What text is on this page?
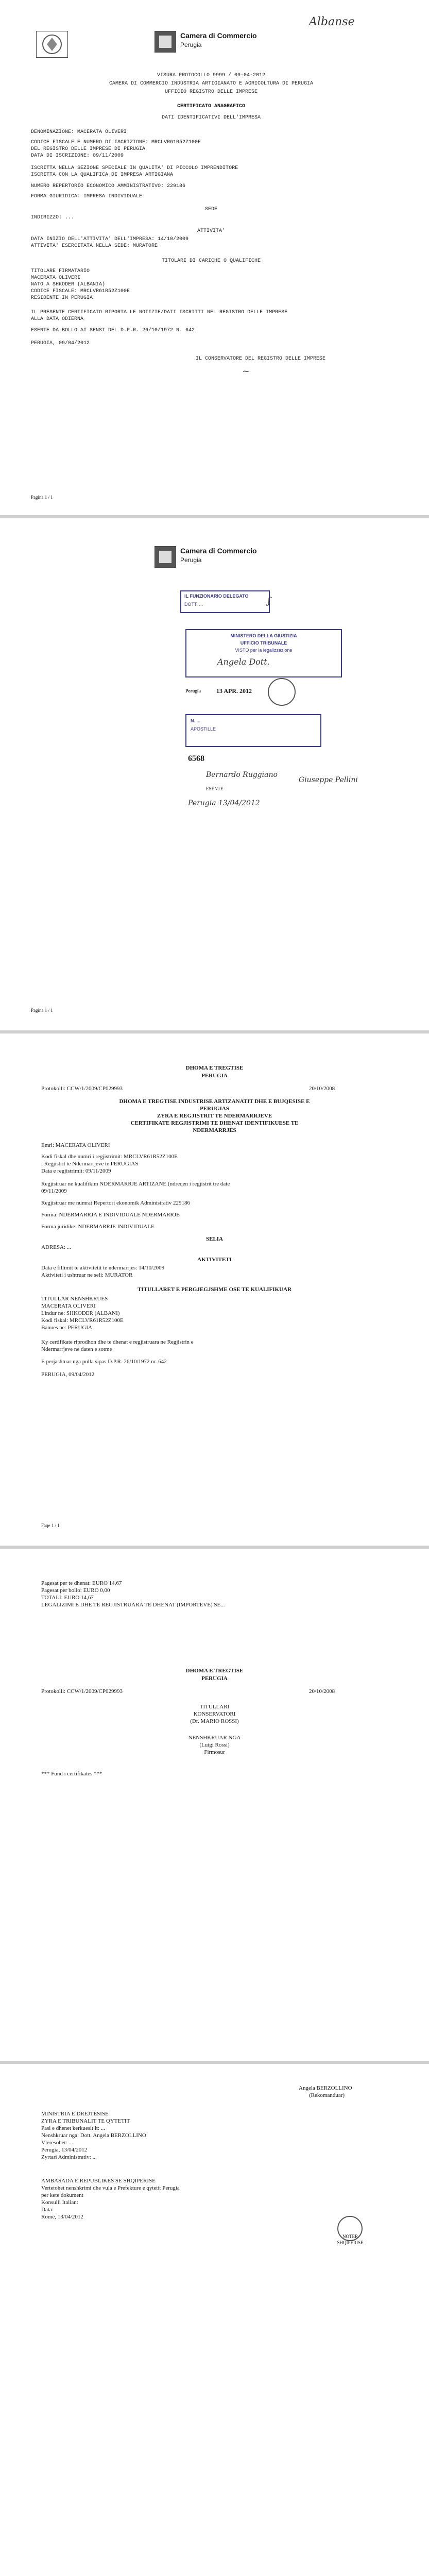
Albanse
Camera di Commercio
Perugia
VISURA PROTOCOLLO 9999 / 09-04-2012
CAMERA DI COMMERCIO INDUSTRIA ARTIGIANATO E AGRICOLTURA DI PERUGIA
UFFICIO REGISTRO DELLE IMPRESE
CERTIFICATO ANAGRAFICO
DATI IDENTIFICATIVI DELL'IMPRESA
DENOMINAZIONE: MACERATA OLIVERI
CODICE FISCALE E NUMERO DI ISCRIZIONE: MRCLVR61R52Z100E
DEL REGISTRO DELLE IMPRESE DI PERUGIA
DATA DI ISCRIZIONE: 09/11/2009
ISCRITTA NELLA SEZIONE SPECIALE IN QUALITA' DI PICCOLO IMPRENDITORE
ISCRITTA CON LA QUALIFICA DI IMPRESA ARTIGIANA
NUMERO REPERTORIO ECONOMICO AMMINISTRATIVO: 229186
FORMA GIURIDICA: IMPRESA INDIVIDUALE
SEDE
INDIRIZZO: ...
ATTIVITA'
DATA INIZIO DELL'ATTIVITA' DELL'IMPRESA: 14/10/2009
ATTIVITA' ESERCITATA NELLA SEDE: MURATORE
TITOLARI DI CARICHE O QUALIFICHE
TITOLARE FIRMATARIO
MACERATA OLIVERI
NATO A SHKODER (ALBANIA)
CODICE FISCALE: MRCLVR61R52Z100E
RESIDENTE IN PERUGIA
IL PRESENTE CERTIFICATO RIPORTA LE NOTIZIE/DATI ISCRITTI NEL REGISTRO DELLE IMPRESE
ALLA DATA ODIERNA
ESENTE DA BOLLO AI SENSI DEL D.P.R. 26/10/1972 N. 642
PERUGIA, 09/04/2012
IL CONSERVATORE DEL REGISTRO DELLE IMPRESE
~
Pagina 1 / 1
Camera di Commercio
Perugia
IL FUNZIONARIO DELEGATO
DOTT. ...	ʃ
MINISTERO DELLA GIUSTIZIA
UFFICIO TRIBUNALE
VISTO per la legalizzazione
Angela Dott.
Perugia	13 APR. 2012
N. ...
APOSTILLE
6568
Bernardo Ruggiano
ESENTE
Perugia 13/04/2012
Giuseppe Pellini
Pagina 1 / 1
DHOMA E TREGTISE
PERUGIA
Protokolli: CCW/1/2009/CP029993	20/10/2008
DHOMA E TREGTISE INDUSTRISE ARTIZANATIT DHE E BUJQESISE E
PERUGIAS
ZYRA E REGJISTRIT TE NDERMARRJEVE
CERTIFIKATE REGJISTRIMI TE DHENAT IDENTIFIKUESE TE
NDERMARRJES
Emri: MACERATA OLIVERI
Kodi fiskal dhe numri i regjistrimit: MRCLVR61R52Z100E
i Regjistrit te Ndermarrjeve te PERUGIAS
Data e regjistrimit: 09/11/2009
Regjistruar ne kualifikim NDERMARRJE ARTIZANE (ndreqen i regjistrit tre date
09/11/2009
Regjistruar me numrat Repertori ekonomik Administrativ 229186
Forma: NDERMARRJA E INDIVIDUALE NDERMARRJE
Forma juridike: NDERMARRJE INDIVIDUALE
SELIA
ADRESA: ...
AKTIVITETI
Data e fillimit te aktivitetit te ndermarrjes: 14/10/2009
Aktiviteti i ushtruar ne seli: MURATOR
TITULLARET E PERGJEGJSHME OSE TE KUALIFIKUAR
TITULLAR NENSHKRUES
MACERATA OLIVERI
Lindur ne: SHKODER (ALBANI)
Kodi fiskal: MRCLVR61R52Z100E
Banues ne: PERUGIA
Ky certifikate riprodhon dhe te dhenat e regjistruara ne Regjistrin e
Ndermarrjeve ne daten e sotme
E perjashtuar nga pulla sipas D.P.R. 26/10/1972 nr. 642
PERUGIA, 09/04/2012
Faqe 1 / 1
Pagesat per te dhenat: EURO 14,67
Pagesat per bollo: EURO 0,00
TOTALI: EURO 14,67
LEGALIZIMI E DHE TE REGJISTRUARA TE DHENAT (IMPORTEVE) SE...
DHOMA E TREGTISE
PERUGIA
Protokolli: CCW/1/2009/CP029993	20/10/2008
TITULLARI
KONSERVATORI
(Dr. MARIO ROSSI)
NENSHKRUAR NGA
(Luigi Rossi)
Firmosur
*** Fund i certifikates ***
Angela BERZOLLINO
(Rekomanduar)
MINISTRIA E DREJTESISE
ZYRA E TRIBUNALIT TE QYTETIT
Pasi e dhenet kerkuesit lt: ...
Nenshkruar nga: Dott. Angela BERZOLLINO
Vleresohet: ....
Perugia, 13/04/2012
Zyrtari Administrativ: ...
AMBASADA E REPUBLIKES SE SHQIPERISE
Vertetohet nenshkrimi dhe vula e Prefekture e qytetit Perugia
per kete dokument
Konsulli Italian:
Data:
Romë, 13/04/2012
NOTER
SHQIPERISE
